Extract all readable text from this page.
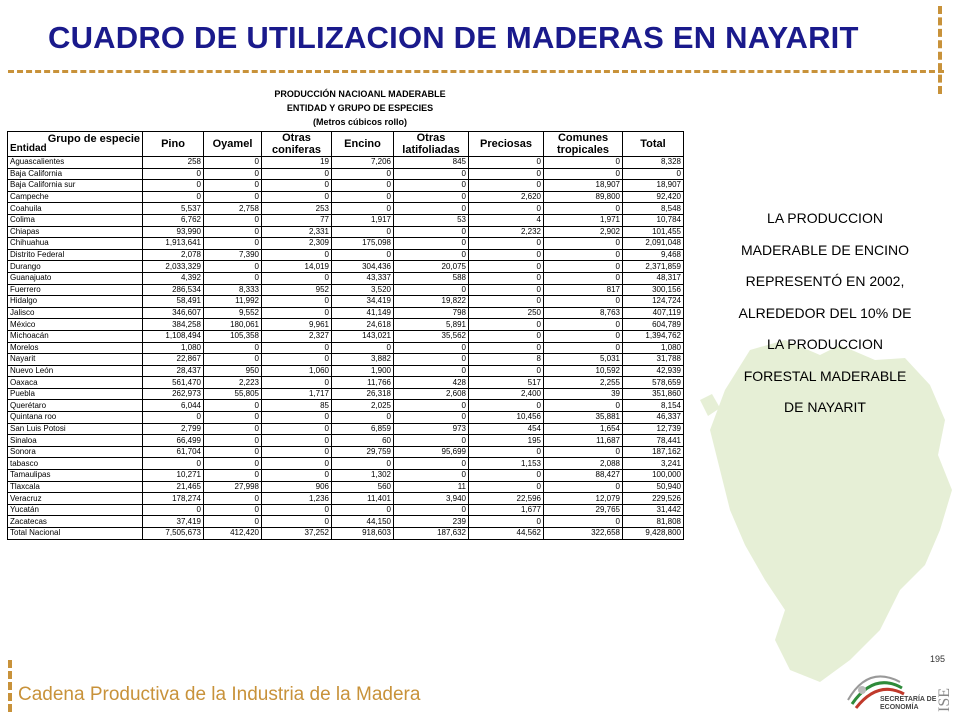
CUADRO DE UTILIZACION DE MADERAS EN NAYARIT
PRODUCCIÓN NACIOANL MADERABLE
ENTIDAD Y GRUPO DE ESPECIES
(Metros cúbicos rollo)
Grupo de especie
Entidad	Pino	Oyamel	Otras coniferas	Encino	Otras latifoliadas	Preciosas	Comunes tropicales	Total
Aguascalientes	258	0	19	7,206	845	0	0	8,328
Baja California	0	0	0	0	0	0	0	0
Baja California sur	0	0	0	0	0	0	18,907	18,907
Campeche	0	0	0	0	0	2,620	89,800	92,420
Coahuila	5,537	2,758	253	0	0	0	0	8,548
Colima	6,762	0	77	1,917	53	4	1,971	10,784
Chiapas	93,990	0	2,331	0	0	2,232	2,902	101,455
Chihuahua	1,913,641	0	2,309	175,098	0	0	0	2,091,048
Distrito Federal	2,078	7,390	0	0	0	0	0	9,468
Durango	2,033,329	0	14,019	304,436	20,075	0	0	2,371,859
Guanajuato	4,392	0	0	43,337	588	0	0	48,317
Fuerrero	286,534	8,333	952	3,520	0	0	817	300,156
Hidalgo	58,491	11,992	0	34,419	19,822	0	0	124,724
Jalisco	346,607	9,552	0	41,149	798	250	8,763	407,119
México	384,258	180,061	9,961	24,618	5,891	0	0	604,789
Michoacán	1,108,494	105,358	2,327	143,021	35,562	0	0	1,394,762
Morelos	1,080	0	0	0	0	0	0	1,080
Nayarit	22,867	0	0	3,882	0	8	5,031	31,788
Nuevo León	28,437	950	1,060	1,900	0	0	10,592	42,939
Oaxaca	561,470	2,223	0	11,766	428	517	2,255	578,659
Puebla	262,973	55,805	1,717	26,318	2,608	2,400	39	351,860
Querétaro	6,044	0	85	2,025	0	0	0	8,154
Quintana roo	0	0	0	0	0	10,456	35,881	46,337
San Luis Potosi	2,799	0	0	6,859	973	454	1,654	12,739
Sinaloa	66,499	0	0	60	0	195	11,687	78,441
Sonora	61,704	0	0	29,759	95,699	0	0	187,162
tabasco	0	0	0	0	0	1,153	2,088	3,241
Tamaulipas	10,271	0	0	1,302	0	0	88,427	100,000
Tlaxcala	21,465	27,998	906	560	11	0	0	50,940
Veracruz	178,274	0	1,236	11,401	3,940	22,596	12,079	229,526
Yucatán	0	0	0	0	0	1,677	29,765	31,442
Zacatecas	37,419	0	0	44,150	239	0	0	81,808
Total Nacional	7,505,673	412,420	37,252	918,603	187,632	44,562	322,658	9,428,800
LA PRODUCCION
MADERABLE DE ENCINO
REPRESENTÓ EN 2002,
ALREDEDOR DEL 10% DE
LA PRODUCCION
FORESTAL MADERABLE
DE NAYARIT
195
Cadena Productiva de la Industria de la Madera	SECRETARÍA DE
ECONOMÍA	ISE
